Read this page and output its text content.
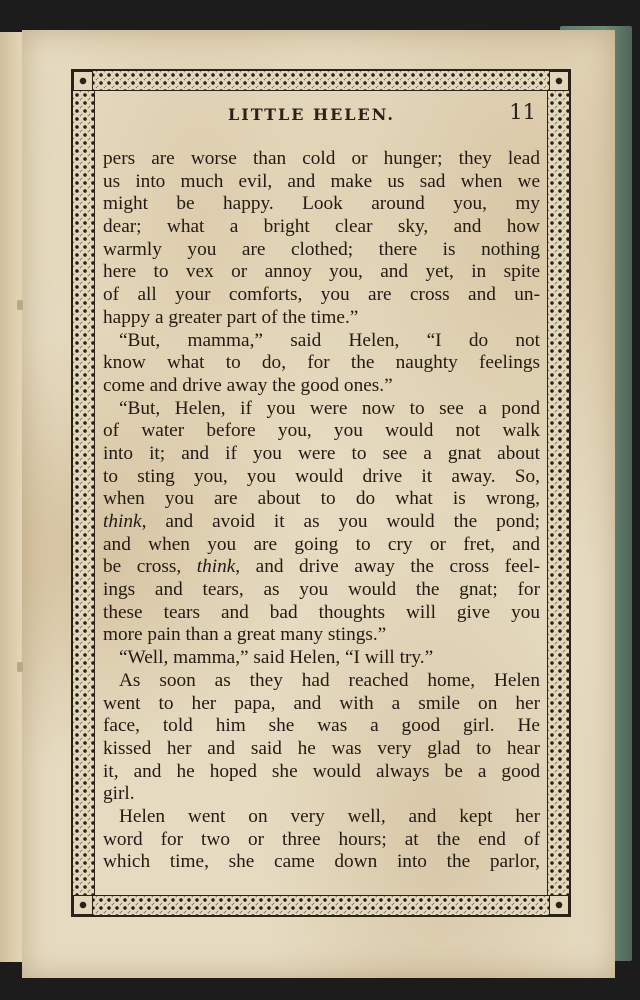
LITTLE HELEN.	11
pers are worse than cold or hunger; they lead
us into much evil, and make us sad when we
might be happy. Look around you, my
dear; what a bright clear sky, and how
warmly you are clothed; there is nothing
here to vex or annoy you, and yet, in spite
of all your comforts, you are cross and un-
happy a greater part of the time.”
“But, mamma,” said Helen, “I do not
know what to do, for the naughty feelings
come and drive away the good ones.”
“But, Helen, if you were now to see a pond
of water before you, you would not walk
into it; and if you were to see a gnat about
to sting you, you would drive it away. So,
when you are about to do what is wrong,
think, and avoid it as you would the pond;
and when you are going to cry or fret, and
be cross, think, and drive away the cross feel-
ings and tears, as you would the gnat; for
these tears and bad thoughts will give you
more pain than a great many stings.”
“Well, mamma,” said Helen, “I will try.”
As soon as they had reached home, Helen
went to her papa, and with a smile on her
face, told him she was a good girl. He
kissed her and said he was very glad to hear
it, and he hoped she would always be a good
girl.
Helen went on very well, and kept her
word for two or three hours; at the end of
which time, she came down into the parlor,
